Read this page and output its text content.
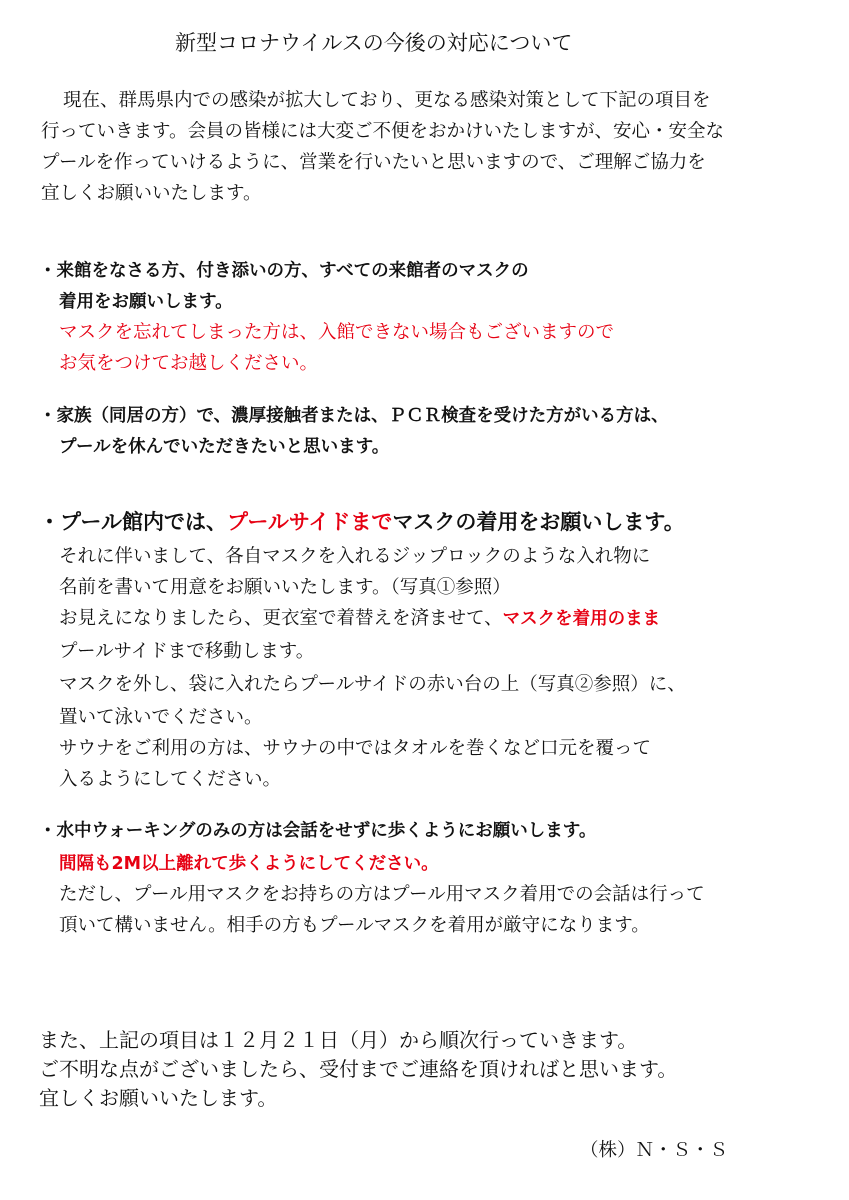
新型コロナウイルスの今後の対応について
現在、群馬県内での感染が拡大しており、更なる感染対策として下記の項目を
行っていきます。会員の皆様には大変ご不便をおかけいたしますが、安心・安全な
プールを作っていけるように、営業を行いたいと思いますので、ご理解ご協力を
宜しくお願いいたします。
・来館をなさる方、付き添いの方、すべての来館者のマスクの
着用をお願いします。
マスクを忘れてしまった方は、入館できない場合もございますので
お気をつけてお越しください。
・家族（同居の方）で、濃厚接触者または、ＰＣＲ検査を受けた方がいる方は、
プールを休んでいただきたいと思います。
・プール館内では、プールサイドまでマスクの着用をお願いします。
それに伴いまして、各自マスクを入れるジップロックのような入れ物に
名前を書いて用意をお願いいたします。（写真①参照）
お見えになりましたら、更衣室で着替えを済ませて、マスクを着用のまま
プールサイドまで移動します。
マスクを外し、袋に入れたらプールサイドの赤い台の上（写真②参照）に、
置いて泳いでください。
サウナをご利用の方は、サウナの中ではタオルを巻くなど口元を覆って
入るようにしてください。
・水中ウォーキングのみの方は会話をせずに歩くようにお願いします。
間隔も2M以上離れて歩くようにしてください。
ただし、プール用マスクをお持ちの方はプール用マスク着用での会話は行って
頂いて構いません。相手の方もプールマスクを着用が厳守になります。
また、上記の項目は１２月２１日（月）から順次行っていきます。
ご不明な点がございましたら、受付までご連絡を頂ければと思います。
宜しくお願いいたします。
（株）Ｎ・Ｓ・Ｓ
